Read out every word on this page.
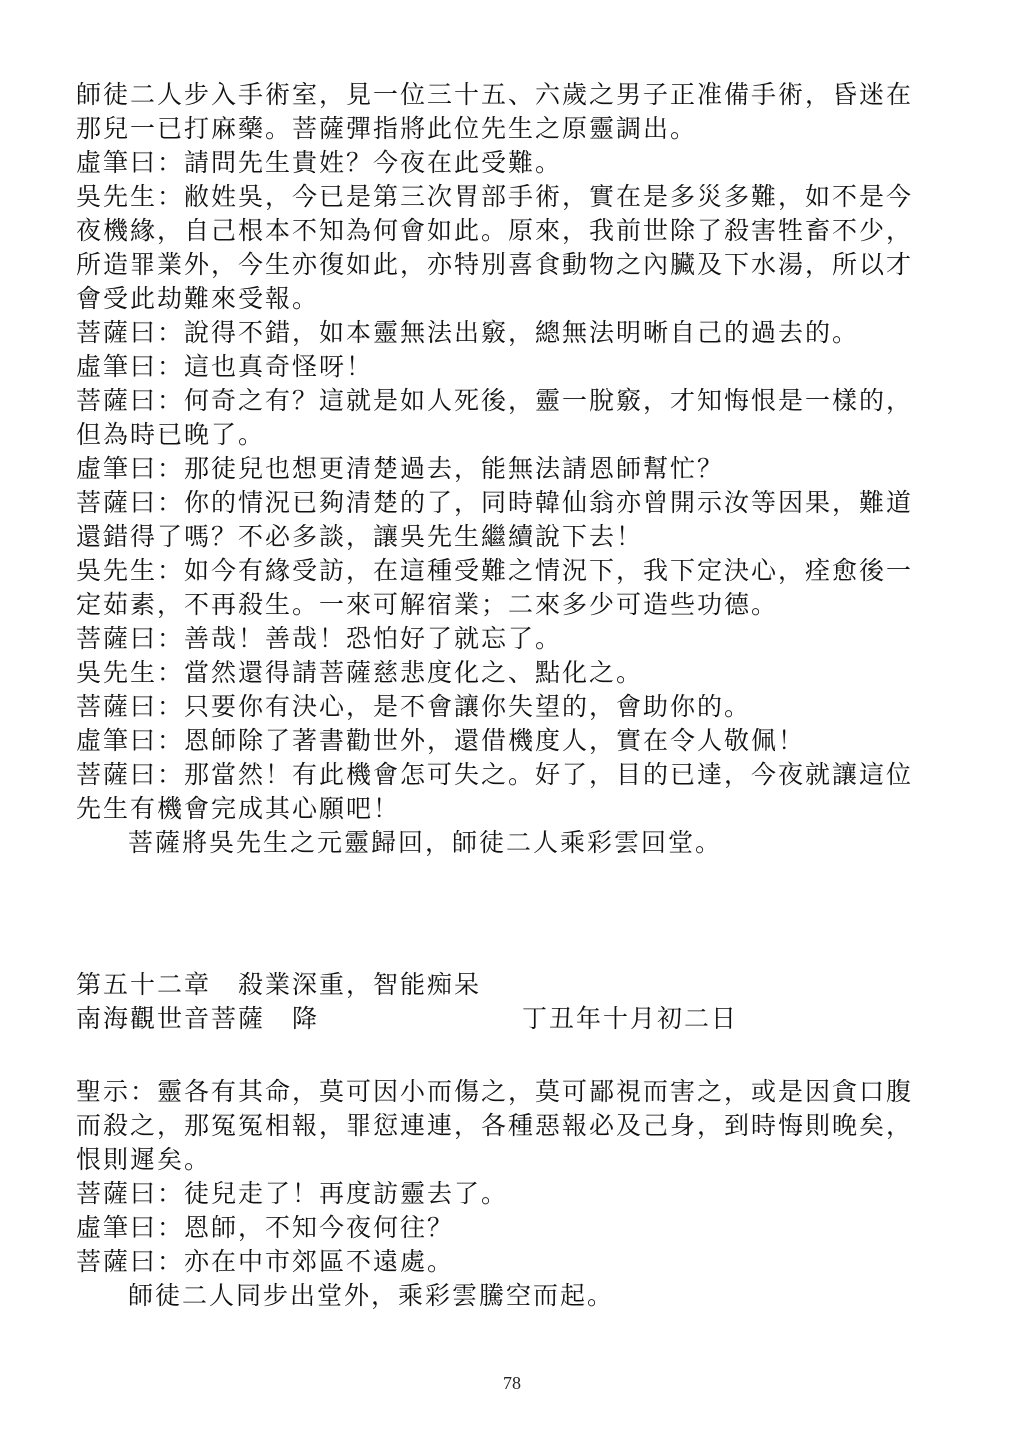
師徒二人步入手術室，見一位三十五、六歲之男子正准備手術，昏迷在
那兒一已打麻藥。菩薩彈指將此位先生之原靈調出。
虛筆曰：請問先生貴姓？今夜在此受難。
吳先生：敝姓吳，今已是第三次胃部手術，實在是多災多難，如不是今
夜機緣，自己根本不知為何會如此。原來，我前世除了殺害牲畜不少，
所造罪業外，今生亦復如此，亦特別喜食動物之內臟及下水湯，所以才
會受此劫難來受報。
菩薩曰：說得不錯，如本靈無法出竅，總無法明晰自己的過去的。
虛筆曰：這也真奇怪呀！
菩薩曰：何奇之有？這就是如人死後，靈一脫竅，才知悔恨是一樣的，
但為時已晚了。
虛筆曰：那徒兒也想更清楚過去，能無法請恩師幫忙？
菩薩曰：你的情況已夠清楚的了，同時韓仙翁亦曾開示汝等因果，難道
還錯得了嗎？不必多談，讓吳先生繼續說下去！
吳先生：如今有緣受訪，在這種受難之情況下，我下定決心，痊愈後一
定茹素，不再殺生。一來可解宿業；二來多少可造些功德。
菩薩曰：善哉！善哉！恐怕好了就忘了。
吳先生：當然還得請菩薩慈悲度化之、點化之。
菩薩曰：只要你有決心，是不會讓你失望的，會助你的。
虛筆曰：恩師除了著書勸世外，還借機度人，實在令人敬佩！
菩薩曰：那當然！有此機會怎可失之。好了，目的已達，今夜就讓這位
先生有機會完成其心願吧！
菩薩將吳先生之元靈歸回，師徒二人乘彩雲回堂。
第五十二章　殺業深重，智能痴呆
南海觀世音菩薩　降	丁丑年十月初二日
聖示：靈各有其命，莫可因小而傷之，莫可鄙視而害之，或是因貪口腹
而殺之，那冤冤相報，罪愆連連，各種惡報必及己身，到時悔則晚矣，
恨則遲矣。
菩薩曰：徒兒走了！再度訪靈去了。
虛筆曰：恩師，不知今夜何往？
菩薩曰：亦在中市郊區不遠處。
師徒二人同步出堂外，乘彩雲騰空而起。
78
